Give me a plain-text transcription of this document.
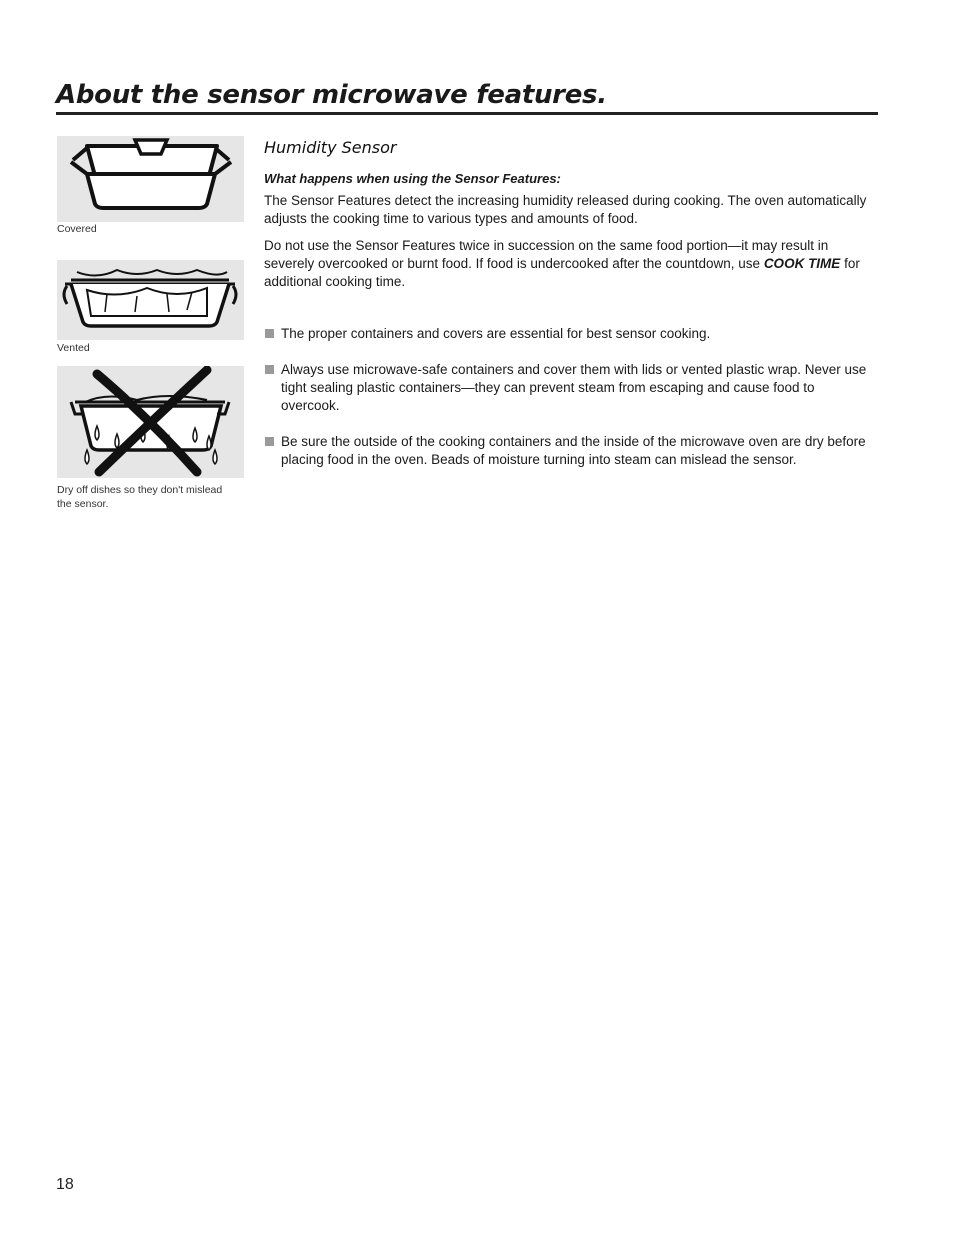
About the sensor microwave features.
Covered
Vented
Dry off dishes so they don't mislead the sensor.
Humidity Sensor
What happens when using the Sensor Features:

The Sensor Features detect the increasing humidity released during cooking. The oven automatically adjusts the cooking time to various types and amounts of food.

Do not use the Sensor Features twice in succession on the same food portion—it may result in severely overcooked or burnt food. If food is undercooked after the countdown, use COOK TIME for additional cooking time.

The proper containers and covers are essential for best sensor cooking.
Always use microwave-safe containers and cover them with lids or vented plastic wrap. Never use tight sealing plastic containers—they can prevent steam from escaping and cause food to overcook.
Be sure the outside of the cooking containers and the inside of the microwave oven are dry before placing food in the oven. Beads of moisture turning into steam can mislead the sensor.
18
